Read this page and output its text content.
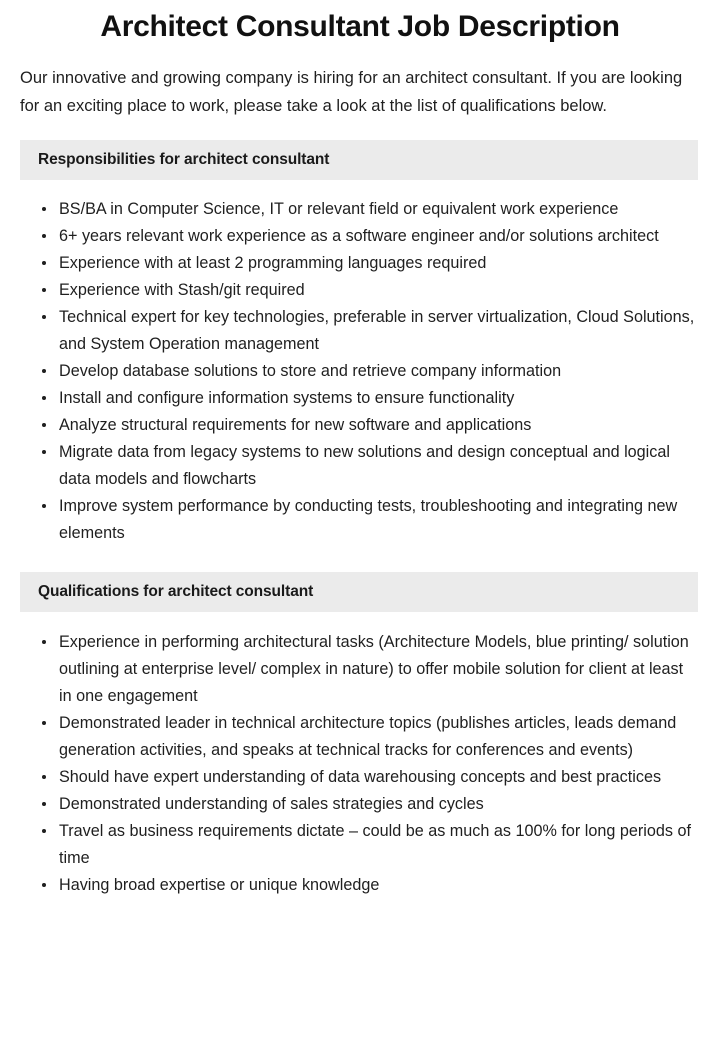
Architect Consultant Job Description

Our innovative and growing company is hiring for an architect consultant. If you are looking for an exciting place to work, please take a look at the list of qualifications below.

Responsibilities for architect consultant
BS/BA in Computer Science, IT or relevant field or equivalent work experience
6+ years relevant work experience as a software engineer and/or solutions architect
Experience with at least 2 programming languages required
Experience with Stash/git required
Technical expert for key technologies, preferable in server virtualization, Cloud Solutions, and System Operation management
Develop database solutions to store and retrieve company information
Install and configure information systems to ensure functionality
Analyze structural requirements for new software and applications
Migrate data from legacy systems to new solutions and design conceptual and logical data models and flowcharts
Improve system performance by conducting tests, troubleshooting and integrating new elements
Qualifications for architect consultant
Experience in performing architectural tasks (Architecture Models, blue printing/ solution outlining at enterprise level/ complex in nature) to offer mobile solution for client at least in one engagement
Demonstrated leader in technical architecture topics (publishes articles, leads demand generation activities, and speaks at technical tracks for conferences and events)
Should have expert understanding of data warehousing concepts and best practices
Demonstrated understanding of sales strategies and cycles
Travel as business requirements dictate – could be as much as 100% for long periods of time
Having broad expertise or unique knowledge
